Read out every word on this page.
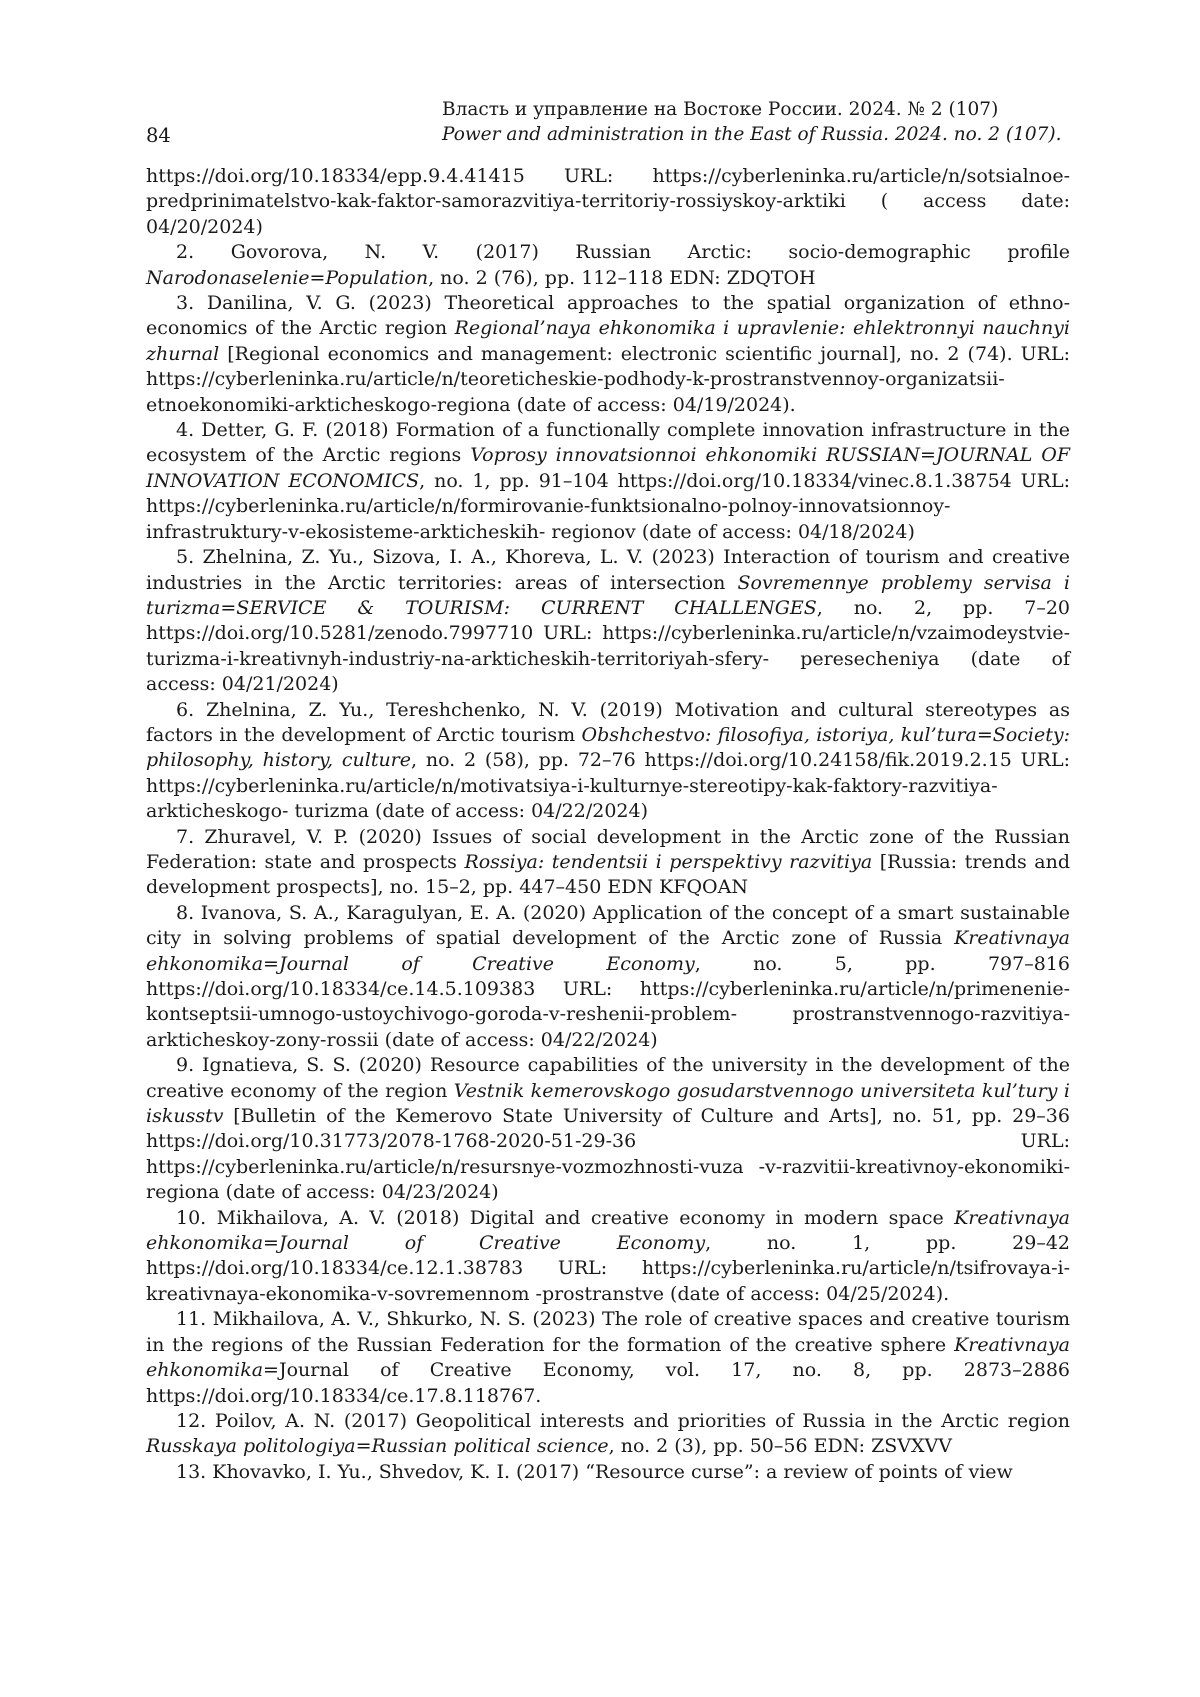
84
Власть и управление на Востоке России. 2024. № 2 (107)
Power and administration in the East of Russia. 2024. no. 2 (107).

https://doi.org/10.18334/epp.9.4.41415 URL: https://cyberleninka.ru/article/n/sotsialnoe-predprinimatelstvo-kak-faktor-samorazvitiya-territoriy-rossiyskoy-arktiki ( access date: 04/20/2024)

2. Govorova, N. V. (2017) Russian Arctic: socio-demographic profile Narodonaselenie=Population, no. 2 (76), pp. 112–118 EDN: ZDQTOH

3. Danilina, V. G. (2023) Theoretical approaches to the spatial organization of ethno-economics of the Arctic region Regional’naya ehkonomika i upravlenie: ehlektronnyi nauchnyi zhurnal [Regional economics and management: electronic scientific journal], no. 2 (74). URL: https://cyberleninka.ru/article/n/teoreticheskie-podhody-k-prostranstvennoy-organizatsii-etnoekonomiki-arkticheskogo-regiona (date of access: 04/19/2024).

4. Detter, G. F. (2018) Formation of a functionally complete innovation infrastructure in the ecosystem of the Arctic regions Voprosy innovatsionnoi ehkonomiki RUSSIAN=JOURNAL OF INNOVATION ECONOMICS, no. 1, pp. 91–104 https://doi.org/10.18334/vinec.8.1.38754 URL: https://cyberleninka.ru/article/n/formirovanie-funktsionalno-polnoy-innovatsionnoy-infrastruktury-v-ekosisteme-arkticheskih- regionov (date of access: 04/18/2024)

5. Zhelnina, Z. Yu., Sizova, I. A., Khoreva, L. V. (2023) Interaction of tourism and creative industries in the Arctic territories: areas of intersection Sovremennye problemy servisa i turizma=SERVICE & TOURISM: CURRENT CHALLENGES, no. 2, pp. 7–20 https://doi.org/10.5281/zenodo.7997710 URL: https://cyberleninka.ru/article/n/vzaimodeystvie-turizma-i-kreativnyh-industriy-na-arkticheskih-territoriyah-sfery- peresecheniya (date of access: 04/21/2024)

6. Zhelnina, Z. Yu., Tereshchenko, N. V. (2019) Motivation and cultural stereotypes as factors in the development of Arctic tourism Obshchestvo: filosofiya, istoriya, kul’tura=Society: philosophy, history, culture, no. 2 (58), pp. 72–76 https://doi.org/10.24158/fik.2019.2.15 URL: https://cyberleninka.ru/article/n/motivatsiya-i-kulturnye-stereotipy-kak-faktory-razvitiya-arkticheskogo- turizma (date of access: 04/22/2024)

7. Zhuravel, V. P. (2020) Issues of social development in the Arctic zone of the Russian Federation: state and prospects Rossiya: tendentsii i perspektivy razvitiya [Russia: trends and development prospects], no. 15–2, pp. 447–450 EDN KFQOAN

8. Ivanova, S. A., Karagulyan, E. A. (2020) Application of the concept of a smart sustainable city in solving problems of spatial development of the Arctic zone of Russia Kreativnaya ehkonomika=Journal of Creative Economy, no. 5, pp. 797–816 https://doi.org/10.18334/ce.14.5.109383 URL: https://cyberleninka.ru/article/n/primenenie-kontseptsii-umnogo-ustoychivogo-goroda-v-reshenii-problem- prostranstvennogo-razvitiya-arkticheskoy-zony-rossii (date of access: 04/22/2024)

9. Ignatieva, S. S. (2020) Resource capabilities of the university in the development of the creative economy of the region Vestnik kemerovskogo gosudarstvennogo universiteta kul’tury i iskusstv [Bulletin of the Kemerovo State University of Culture and Arts], no. 51, pp. 29–36 https://doi.org/10.31773/2078-1768-2020-51-29-36 URL: https://cyberleninka.ru/article/n/resursnye-vozmozhnosti-vuza -v-razvitii-kreativnoy-ekonomiki-regiona (date of access: 04/23/2024)

10. Mikhailova, A. V. (2018) Digital and creative economy in modern space Kreativnaya ehkonomika=Journal of Creative Economy, no. 1, pp. 29–42 https://doi.org/10.18334/ce.12.1.38783 URL: https://cyberleninka.ru/article/n/tsifrovaya-i-kreativnaya-ekonomika-v-sovremennom -prostranstve (date of access: 04/25/2024).

11. Mikhailova, A. V., Shkurko, N. S. (2023) The role of creative spaces and creative tourism in the regions of the Russian Federation for the formation of the creative sphere Kreativnaya ehkonomika=Journal of Creative Economy, vol. 17, no. 8, pp. 2873–2886 https://doi.org/10.18334/ce.17.8.118767.

12. Poilov, A. N. (2017) Geopolitical interests and priorities of Russia in the Arctic region Russkaya politologiya=Russian political science, no. 2 (3), pp. 50–56 EDN: ZSVXVV

13. Khovavko, I. Yu., Shvedov, K. I. (2017) “Resource curse”: a review of points of view
